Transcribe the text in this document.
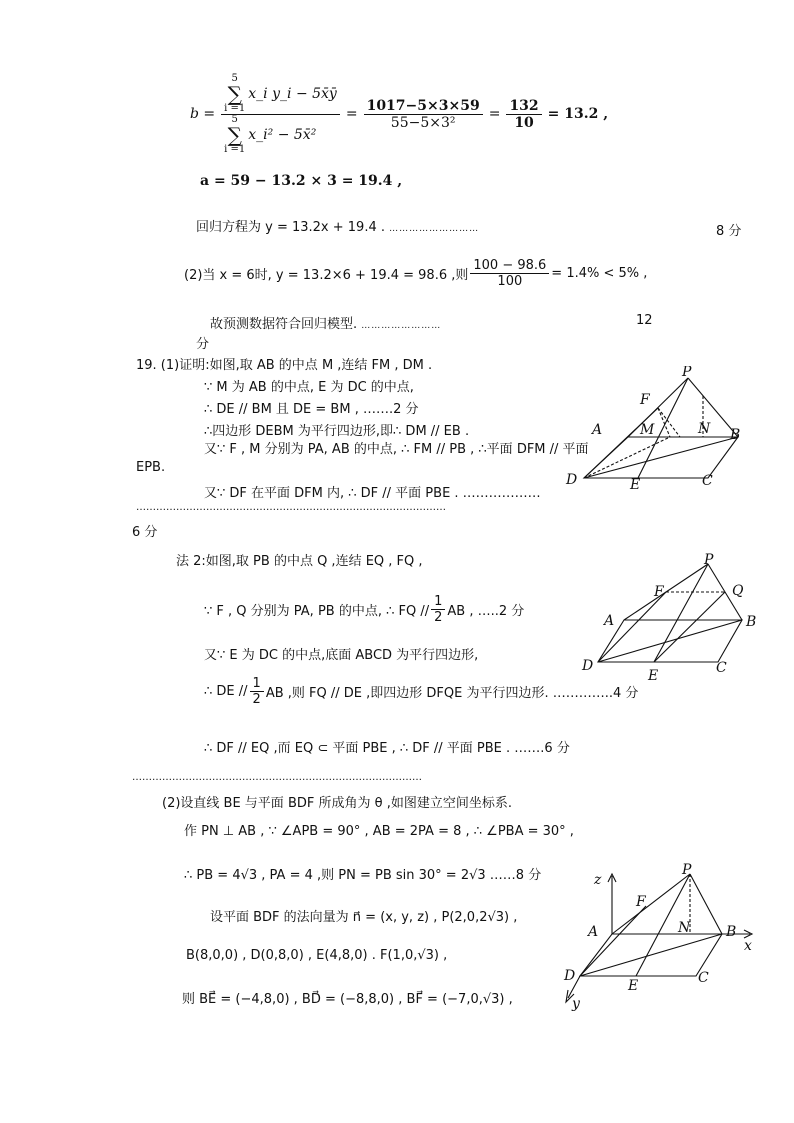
b =
5
∑
i =1
x_i y_i − 5x̄ȳ
5
∑
i =1
x_i² − 5x̄²
= $\frac{1017-5\times 3\times 59}{\text{55−5×3²}} = \frac{132}{10} = 13.2$ ,
a = 59 − 13.2 × 3 = 19.4 ,
回归方程为 y = 13.2x + 19.4 . ………………………	8 分
(2)当 x = 6时, y = 13.2×6 + 19.4 = 98.6 ,则 $\frac{100 - 98.6}{100} = 1.4\% < 5\%$ ,
故预测数据符合回归模型. ……………………	12
分
19. (1)证明:如图,取 AB 的中点 M ,连结 FM , DM .
∵ M 为 AB 的中点, E 为 DC 的中点,
∴ DE // BM 且 DE = BM , …….2 分
∴四边形 DEBM 为平行四边形,即∴ DM // EB .
又∵ F , M 分别为 PA, AB 的中点, ∴ FM // PB , ∴平面 DFM // 平面
EPB.
又∵ DF 在平面 DFM 内, ∴ DF // 平面 PBE . ………………
…………………………………………………………………………………
6 分
P
F
M	N
A	B
D	E	C
法 2:如图,取 PB 的中点 Q ,连结 EQ , FQ ,
∵ F , Q 分别为 PA, PB 的中点, ∴ FQ // $\frac{1}{2}$ AB , …..2 分
又∵ E 为 DC 的中点,底面 ABCD 为平行四边形,
∴ DE // $\frac{1}{2}$ AB ,则 FQ // DE ,即四边形 DFQE 为平行四边形. …………..4 分
∴ DF // EQ ,而 EQ ⊂ 平面 PBE , ∴ DF // 平面 PBE . …….6 分
……………………………………………………………………………
P
F	Q
A	B
D
E	C
(2)设直线 BE 与平面 BDF 所成角为 θ ,如图建立空间坐标系.
作 PN ⊥ AB , ∵ ∠APB = 90° , AB = 2PA = 8 , ∴ ∠PBA = 30° ,
∴ PB = 4√3 , PA = 4 ,则 PN = PB sin 30° = 2√3 ……8 分
设平面 BDF 的法向量为 n⃗ = (x, y, z) , P(2,0,2√3) ,
B(8,0,0) , D(0,8,0) , E(4,8,0) . F(1,0,√3) ,
则 BE⃗ = (−4,8,0) , BD⃗ = (−8,8,0) , BF⃗ = (−7,0,√3) ,
z
P
F
N
A	B
x
D
E	C
y
